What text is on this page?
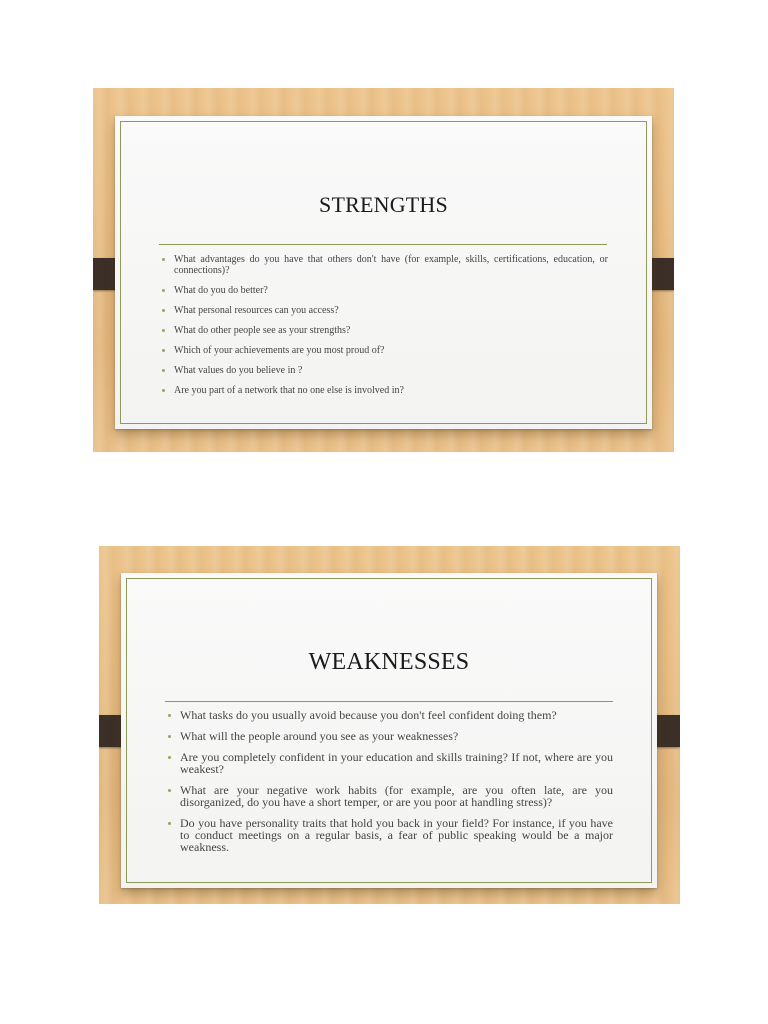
STRENGTHS
What advantages do you have that others don't have (for example, skills, certifications, education, or connections)?
What do you do better?
What personal resources can you access?
What do other people see as your strengths?
Which of your achievements are you most proud of?
What values do you believe in ?
Are you part of a network that no one else is involved in?
WEAKNESSES
What tasks do you usually avoid because you don't feel confident doing them?
What will the people around you see as your weaknesses?
Are you completely confident in your education and skills training? If not, where are you weakest?
What are your negative work habits (for example, are you often late, are you disorganized, do you have a short temper, or are you poor at handling stress)?
Do you have personality traits that hold you back in your field? For instance, if you have to conduct meetings on a regular basis, a fear of public speaking would be a major weakness.
